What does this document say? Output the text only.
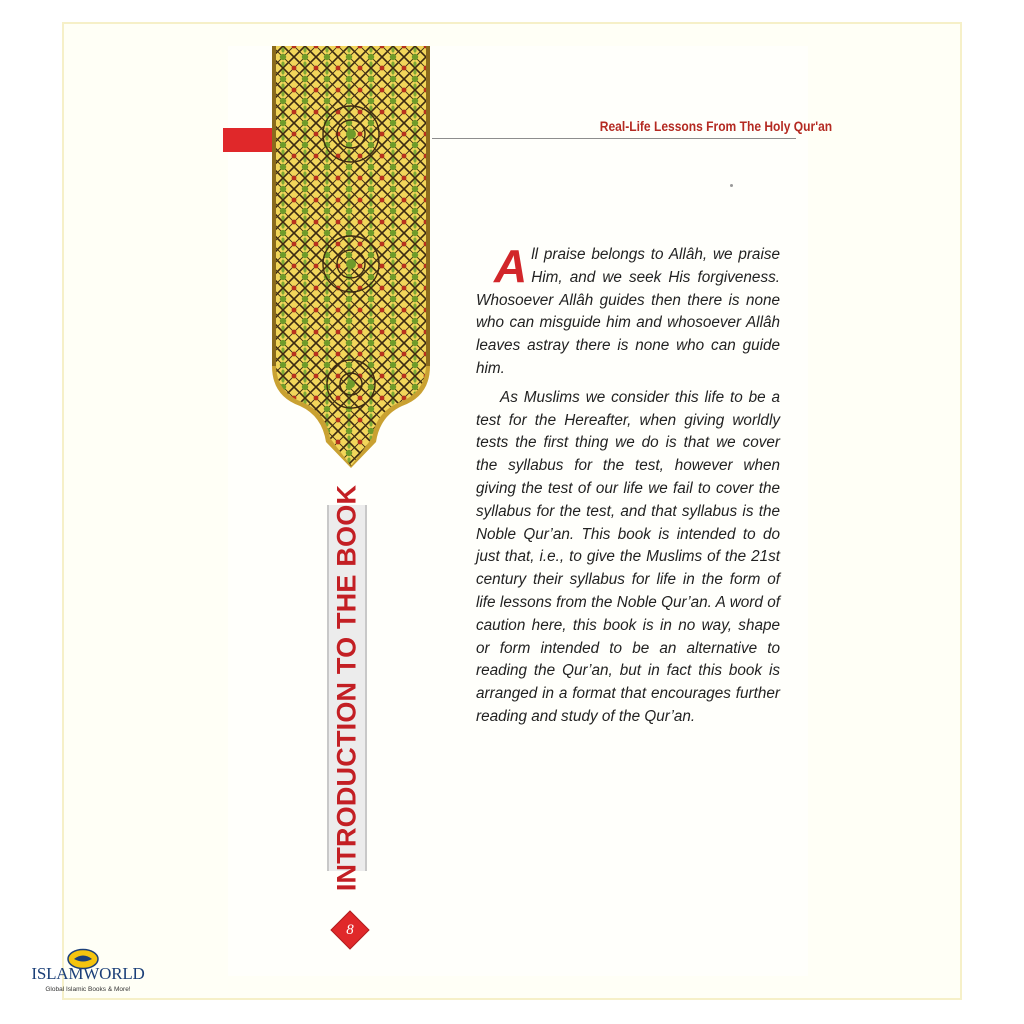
Real-Life Lessons From The Holy Qur'an
INTRODUCTION TO THE BOOK

All praise belongs to Allâh, we praise Him, and we seek His forgiveness. Whosoever Allâh guides then there is none who can misguide him and whosoever Allâh leaves astray there is none who can guide him.

As Muslims we consider this life to be a test for the Hereafter, when giving worldly tests the first thing we do is that we cover the syllabus for the test, however when giving the test of our life we fail to cover the syllabus for the test, and that syllabus is the Noble Qur’an. This book is intended to do just that, i.e., to give the Muslims of the 21st century their syllabus for life in the form of life lessons from the Noble Qur’an. A word of caution here, this book is in no way, shape or form intended to be an alternative to reading the Qur’an, but in fact this book is arranged in a format that encourages further reading and study of the Qur’an.

8
ISLAMWORLD
Global Islamic Books & More!
